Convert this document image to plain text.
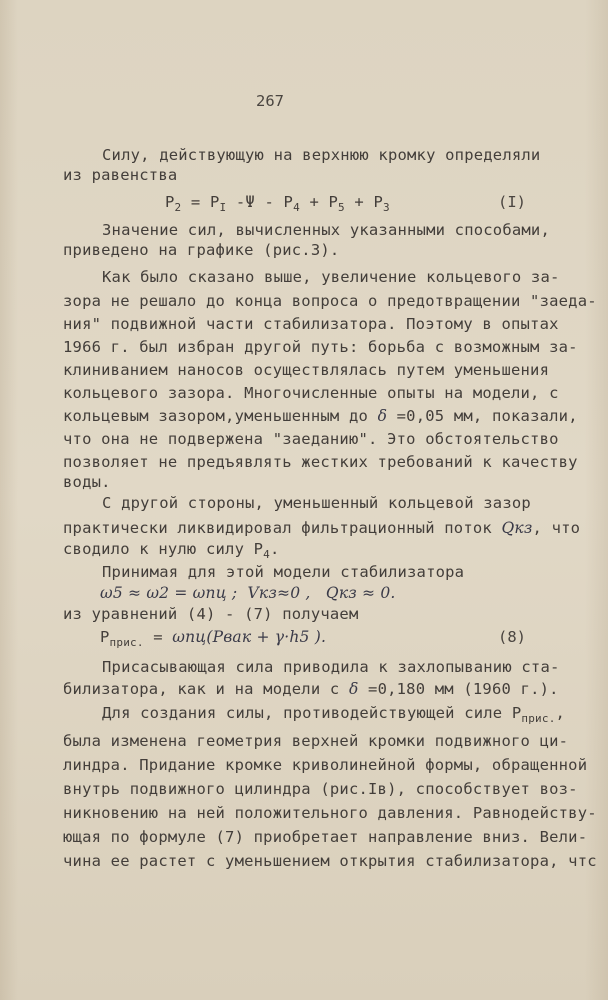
267
Силу, действующую на верхнюю кромку определяли
из равенства
$P_2 = P_I$ $-\Psi - P_4 + P_5 + P_3$	(I)
Значение сил, вычисленных указанными способами,
приведено на графике (рис.3).
Как было сказано выше, увеличение кольцевого за-
зора не решало до конца вопроса о предотвращении "заеда-
ния" подвижной части стабилизатора. Поэтому в опытах
1966 г. был избран другой путь: борьба с возможным за-
клиниванием наносов осуществлялась путем уменьшения
кольцевого зазора. Многочисленные опыты на модели, с
кольцевым зазором,уменьшенным до δ =0,05 мм, показали,
что она не подвержена "заеданию". Это обстоятельство
позволяет не предъявлять жестких требований к качеству
воды.
С другой стороны, уменьшенный кольцевой зазор
практически ликвидировал фильтрационный поток Qкз, что
сводило к нулю силу $P_4$.
Принимая для этой модели стабилизатора
ω5 ≈ ω2 = ωпц ;  Vкз≈0 ,   Qкз ≈ 0.
из уравнений (4) - (7) получаем
$P_{прис.}$ = ωпц(Pвак + γ·h5 ).	(8)
Присасывающая сила приводила к захлопыванию ста-
билизатора, как и на модели с δ =0,180 мм (1960 г.).
Для создания силы, противодействующей силе $P_{прис.}$,
была изменена геометрия верхней кромки подвижного ци-
линдра. Придание кромке криволинейной формы, обращенной
внутрь подвижного цилиндра (рис.Iв), способствует воз-
никновению на ней положительного давления. Равнодейству-
ющая по формуле (7) приобретает направление вниз. Вели-
чина ее растет с уменьшением открытия стабилизатора, чтс
